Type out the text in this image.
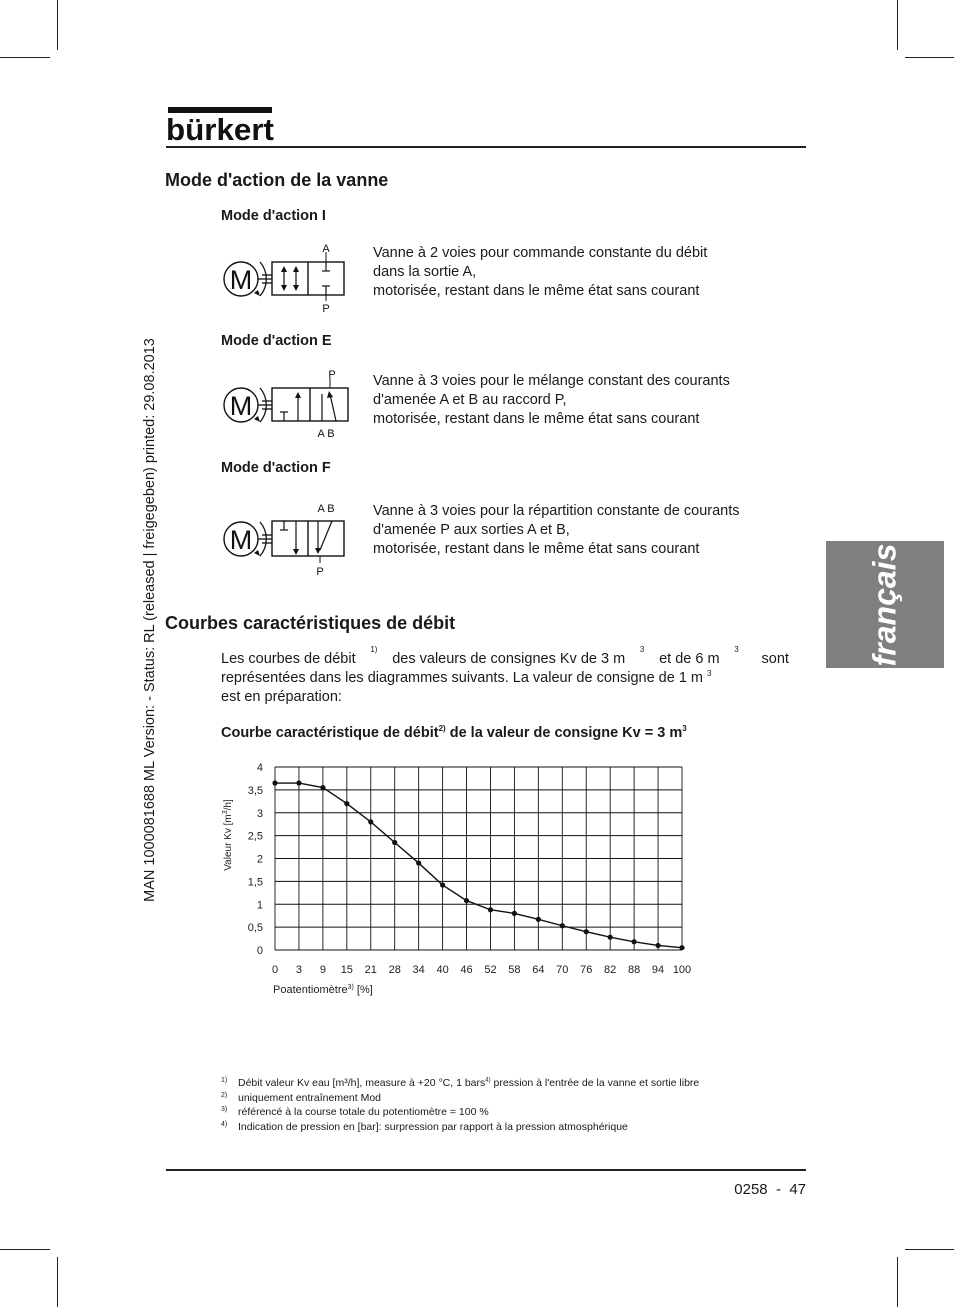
bürkert
MAN 1000081688 ML Version: - Status: RL (released | freigegeben) printed: 29.08.2013	français
Mode d'action de la vanne
Mode d'action I
M
A
P
Vanne à 2 voies pour commande constante du débit
dans la sortie A,
motorisée, restant dans le même état sans courant
Mode d'action E
M
P
A B
Vanne à 3 voies pour le mélange constant des courants
d'amenée A et B au raccord P,
motorisée, restant dans le même état sans courant
Mode d'action F
M
A B
P
Vanne à 3 voies pour la répartition constante de courants
d'amenée P aux sorties A et B,
motorisée, restant dans le même état sans courant
Courbes caractéristiques de débit
Les courbes de débit
1)
des valeurs de consignes Kv de 3 m
3
et de 6 m
3
sont
représentées dans les diagrammes suivants. La valeur de consigne de 1 m $^3$
est en préparation:
Courbe caractéristique de débit$^{2)}$ de la valeur de consigne Kv = 3 $m^3$
4
3,5
3
2,5
2
1,5
1
0,5
0
0 3 9 15 21 28 34 40 46 52 58 64 70 76 82 88 94 100
Valeur Kv $[m^3/h]$
Poatentiomètre$^{3)}$ [%]
1) Débit valeur Kv eau [m³/h], measure à +20 °C, 1 bars$^{4)}$ pression à l'entrée de la vanne et sortie libre
2) uniquement entraînement Mod
3) référencé à la course totale du potentiomètre = 100 %
4) Indication de pression en [bar]: surpression par rapport à la pression atmosphérique
0258  -  47
